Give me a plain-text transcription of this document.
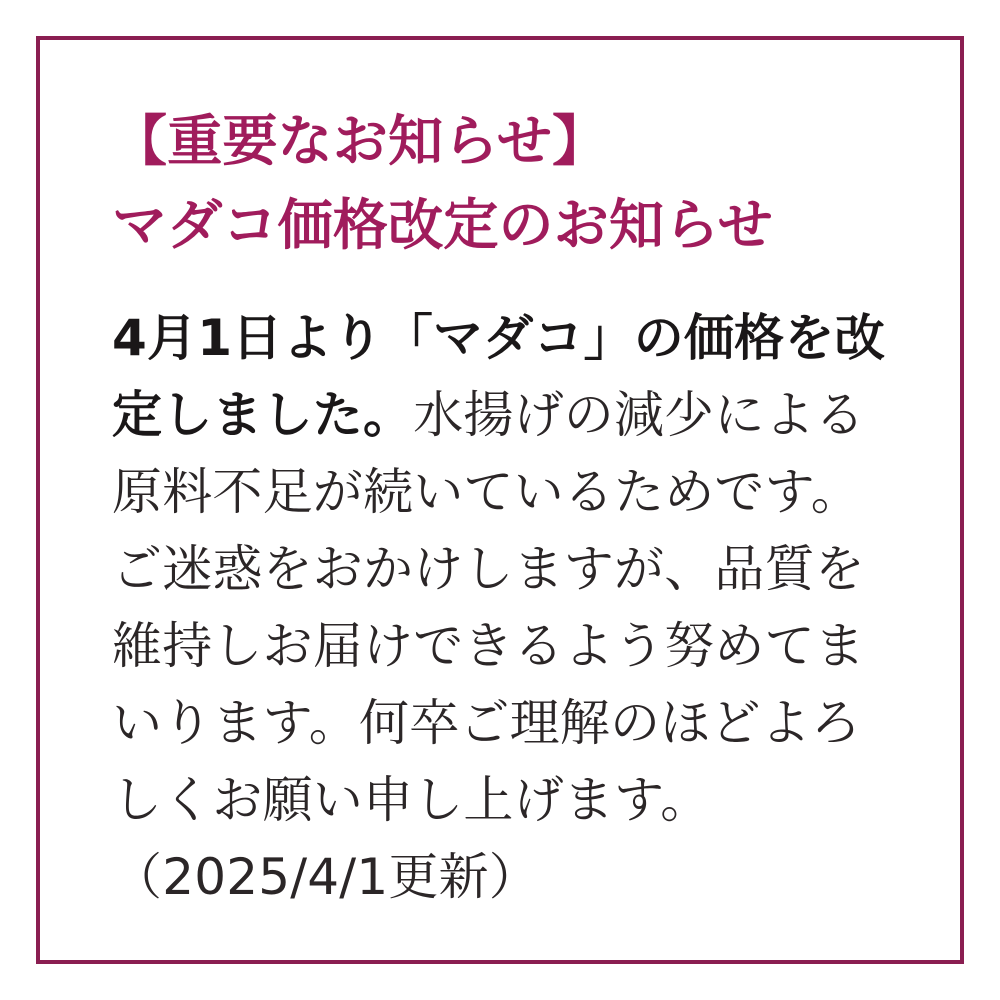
【重要なお知らせ】
マダコ価格改定のお知らせ

4月1日より「マダコ」の価格を改定しました。水揚げの減少による原料不足が続いているためです。ご迷惑をおかけしますが、品質を維持しお届けできるよう努めてまいります。何卒ご理解のほどよろしくお願い申し上げます。（2025/4/1更新）
